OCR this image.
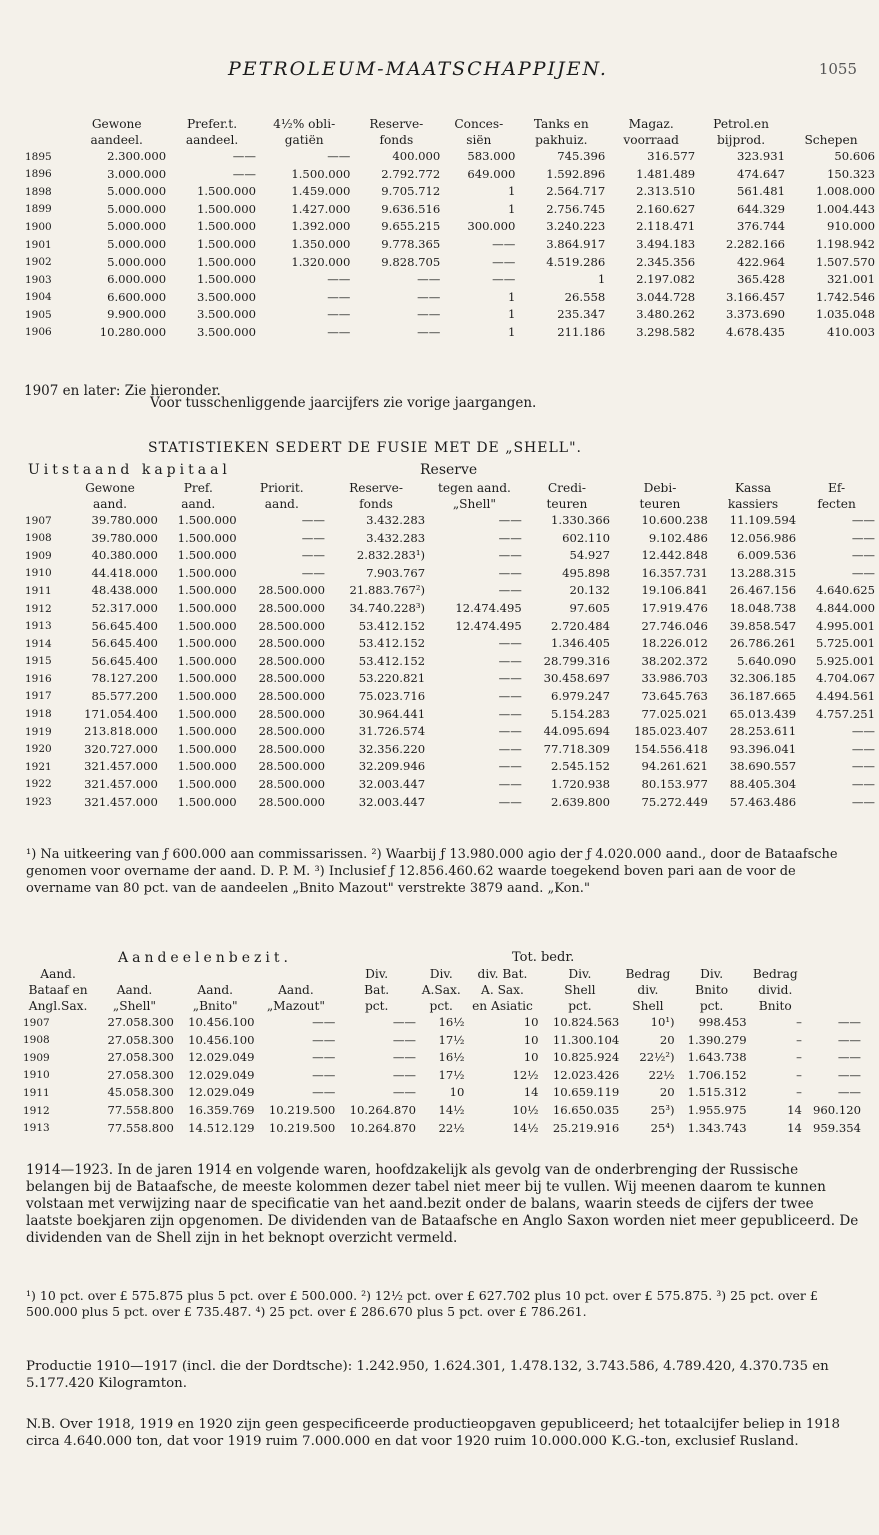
PETROLEUM-MAATSCHAPPIJEN.	1055
	Gewone	Prefer.t.	4½% obli-	Reserve-	Conces-	Tanks en	Magaz.	Petrol.en	
	aandeel.	aandeel.	gatiën	fonds	siën	pakhuiz.	voorraad	bijprod.	Schepen
1895	2.300.000	——	——	400.000	583.000	745.396	316.577	323.931	50.606
1896	3.000.000	——	1.500.000	2.792.772	649.000	1.592.896	1.481.489	474.647	150.323
1898	5.000.000	1.500.000	1.459.000	9.705.712	1	2.564.717	2.313.510	561.481	1.008.000
1899	5.000.000	1.500.000	1.427.000	9.636.516	1	2.756.745	2.160.627	644.329	1.004.443
1900	5.000.000	1.500.000	1.392.000	9.655.215	300.000	3.240.223	2.118.471	376.744	910.000
1901	5.000.000	1.500.000	1.350.000	9.778.365	——	3.864.917	3.494.183	2.282.166	1.198.942
1902	5.000.000	1.500.000	1.320.000	9.828.705	——	4.519.286	2.345.356	422.964	1.507.570
1903	6.000.000	1.500.000	——	——	——	1	2.197.082	365.428	321.001
1904	6.600.000	3.500.000	——	——	1	26.558	3.044.728	3.166.457	1.742.546
1905	9.900.000	3.500.000	——	——	1	235.347	3.480.262	3.373.690	1.035.048
1906	10.280.000	3.500.000	——	——	1	211.186	3.298.582	4.678.435	410.003
1907 en later: Zie hieronder.
Voor tusschenliggende jaarcijfers zie vorige jaargangen.
STATISTIEKEN SEDERT DE FUSIE MET DE „SHELL".
Uitstaand kapitaal	Reserve
	Gewone	Pref.	Priorit.	Reserve-	tegen aand.	Credi-	Debi-	Kassa	Ef-
	aand.	aand.	aand.	fonds	„Shell"	teuren	teuren	kassiers	fecten
1907	39.780.000	1.500.000	——	3.432.283	——	1.330.366	10.600.238	11.109.594	——
1908	39.780.000	1.500.000	——	3.432.283	——	602.110	9.102.486	12.056.986	——
1909	40.380.000	1.500.000	——	2.832.283¹)	——	54.927	12.442.848	6.009.536	——
1910	44.418.000	1.500.000	——	7.903.767	——	495.898	16.357.731	13.288.315	——
1911	48.438.000	1.500.000	28.500.000	21.883.767²)	——	20.132	19.106.841	26.467.156	4.640.625
1912	52.317.000	1.500.000	28.500.000	34.740.228³)	12.474.495	97.605	17.919.476	18.048.738	4.844.000
1913	56.645.400	1.500.000	28.500.000	53.412.152	12.474.495	2.720.484	27.746.046	39.858.547	4.995.001
1914	56.645.400	1.500.000	28.500.000	53.412.152	——	1.346.405	18.226.012	26.786.261	5.725.001
1915	56.645.400	1.500.000	28.500.000	53.412.152	——	28.799.316	38.202.372	5.640.090	5.925.001
1916	78.127.200	1.500.000	28.500.000	53.220.821	——	30.458.697	33.986.703	32.306.185	4.704.067
1917	85.577.200	1.500.000	28.500.000	75.023.716	——	6.979.247	73.645.763	36.187.665	4.494.561
1918	171.054.400	1.500.000	28.500.000	30.964.441	——	5.154.283	77.025.021	65.013.439	4.757.251
1919	213.818.000	1.500.000	28.500.000	31.726.574	——	44.095.694	185.023.407	28.253.611	——
1920	320.727.000	1.500.000	28.500.000	32.356.220	——	77.718.309	154.556.418	93.396.041	——
1921	321.457.000	1.500.000	28.500.000	32.209.946	——	2.545.152	94.261.621	38.690.557	——
1922	321.457.000	1.500.000	28.500.000	32.003.447	——	1.720.938	80.153.977	88.405.304	——
1923	321.457.000	1.500.000	28.500.000	32.003.447	——	2.639.800	75.272.449	57.463.486	——
¹) Na uitkeering van ƒ 600.000 aan commissarissen. ²) Waarbij ƒ 13.980.000 agio der ƒ 4.020.000 aand., door de Bataafsche genomen voor overname der aand. D. P. M. ³) Inclusief ƒ 12.856.460.62 waarde toegekend boven pari aan de voor de overname van 80 pct. van de aandeelen „Bnito Mazout" verstrekte 3879 aand. „Kon."
Aandeelenbezit.	Tot. bedr.
Aand.				Div.	Div.	div. Bat.	Div.	Bedrag	Div.	Bedrag	
Bataaf en	Aand.	Aand.	Aand.	Bat.	A.Sax.	A. Sax.	Shell	div.	Bnito	divid.	
Angl.Sax.	„Shell"	„Bnito"	„Mazout"	pct.	pct.	en Asiatic	pct.	Shell	pct.	Bnito	
1907	27.058.300	10.456.100	——	——	16½	10	10.824.563	10¹)	998.453	–	——
1908	27.058.300	10.456.100	——	——	17½	10	11.300.104	20	1.390.279	–	——
1909	27.058.300	12.029.049	——	——	16½	10	10.825.924	22½²)	1.643.738	–	——
1910	27.058.300	12.029.049	——	——	17½	12½	12.023.426	22½	1.706.152	–	——
1911	45.058.300	12.029.049	——	——	10	14	10.659.119	20	1.515.312	–	——
1912	77.558.800	16.359.769	10.219.500	10.264.870	14½	10½	16.650.035	25³)	1.955.975	14	960.120
1913	77.558.800	14.512.129	10.219.500	10.264.870	22½	14½	25.219.916	25⁴)	1.343.743	14	959.354
1914—1923. In de jaren 1914 en volgende waren, hoofdzakelijk als gevolg van de onderbrenging der Russische belangen bij de Bataafsche, de meeste kolommen dezer tabel niet meer bij te vullen. Wij meenen daarom te kunnen volstaan met verwijzing naar de specificatie van het aand.bezit onder de balans, waarin steeds de cijfers der twee laatste boekjaren zijn opgenomen. De dividenden van de Bataafsche en Anglo Saxon worden niet meer gepubliceerd. De dividenden van de Shell zijn in het beknopt overzicht vermeld.
¹) 10 pct. over £ 575.875 plus 5 pct. over £ 500.000. ²) 12½ pct. over £ 627.702 plus 10 pct. over £ 575.875. ³) 25 pct. over £ 500.000 plus 5 pct. over £ 735.487. ⁴) 25 pct. over £ 286.670 plus 5 pct. over £ 786.261.
Productie 1910—1917 (incl. die der Dordtsche): 1.242.950, 1.624.301, 1.478.132, 3.743.586, 4.789.420, 4.370.735 en 5.177.420 Kilogramton.
N.B. Over 1918, 1919 en 1920 zijn geen gespecificeerde productieopgaven gepubliceerd; het totaalcijfer beliep in 1918 circa 4.640.000 ton, dat voor 1919 ruim 7.000.000 en dat voor 1920 ruim 10.000.000 K.G.-ton, exclusief Rusland.
